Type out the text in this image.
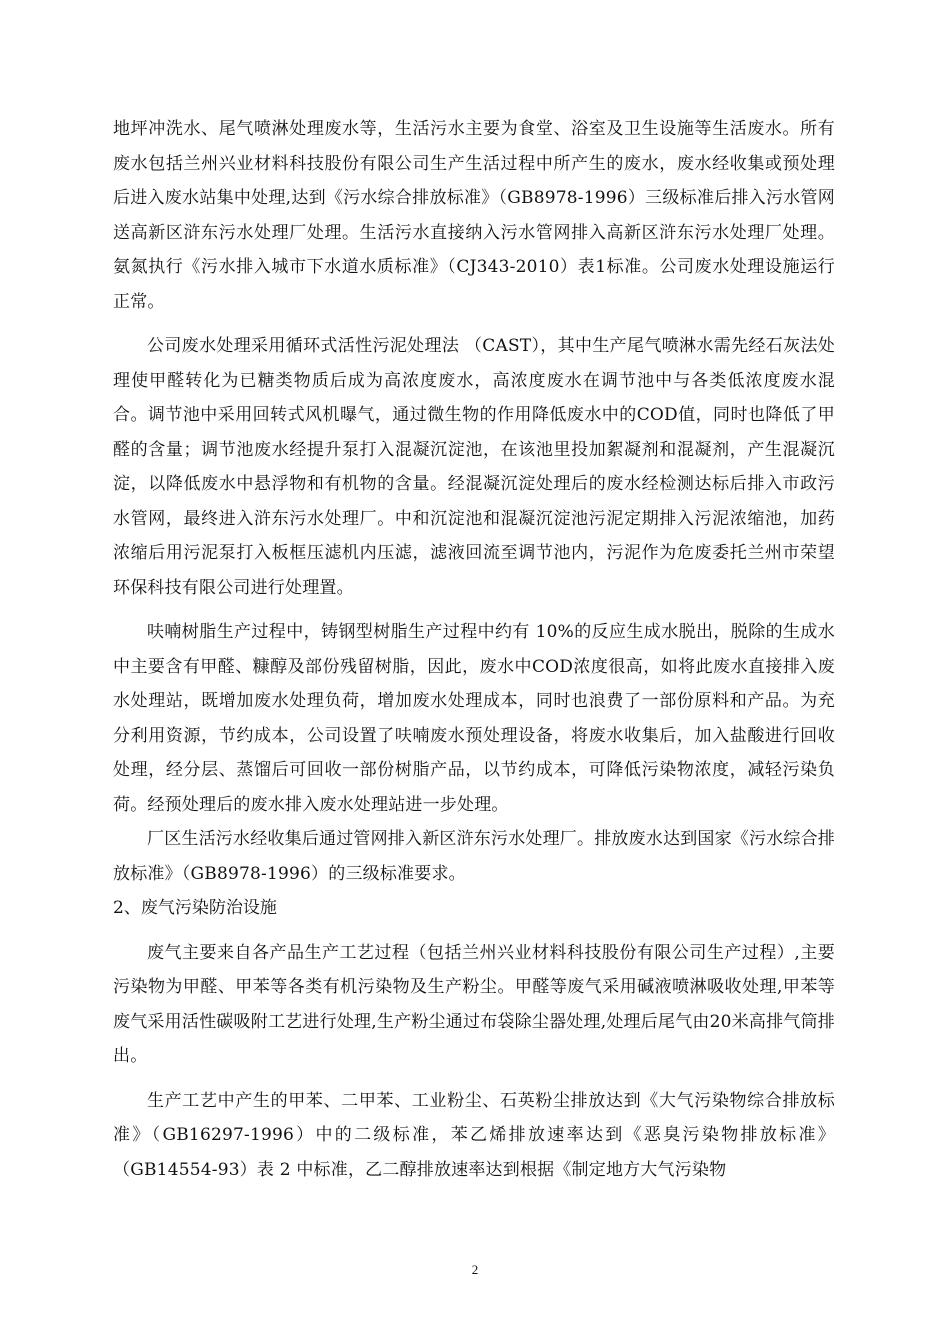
地坪冲洗水、尾气喷淋处理废水等，生活污水主要为食堂、浴室及卫生设施等生活废水。所有废水包括兰州兴业材料科技股份有限公司生产生活过程中所产生的废水，废水经收集或预处理后进入废水站集中处理,达到《污水综合排放标准》（GB8978-1996）三级标准后排入污水管网送高新区浒东污水处理厂处理。生活污水直接纳入污水管网排入高新区浒东污水处理厂处理。氨氮执行《污水排入城市下水道水质标准》（CJ343-2010）表1标准。公司废水处理设施运行正常。

公司废水处理采用循环式活性污泥处理法 （CAST），其中生产尾气喷淋水需先经石灰法处理使甲醛转化为已糖类物质后成为高浓度废水，高浓度废水在调节池中与各类低浓度废水混合。调节池中采用回转式风机曝气，通过微生物的作用降低废水中的COD值，同时也降低了甲醛的含量；调节池废水经提升泵打入混凝沉淀池，在该池里投加絮凝剂和混凝剂，产生混凝沉淀，以降低废水中悬浮物和有机物的含量。经混凝沉淀处理后的废水经检测达标后排入市政污水管网，最终进入浒东污水处理厂。中和沉淀池和混凝沉淀池污泥定期排入污泥浓缩池，加药浓缩后用污泥泵打入板框压滤机内压滤，滤液回流至调节池内，污泥作为危废委托兰州市荣望环保科技有限公司进行处理置。

呋喃树脂生产过程中，铸钢型树脂生产过程中约有 10%的反应生成水脱出，脱除的生成水中主要含有甲醛、糠醇及部份残留树脂，因此，废水中COD浓度很高，如将此废水直接排入废水处理站，既增加废水处理负荷，增加废水处理成本，同时也浪费了一部份原料和产品。为充分利用资源，节约成本，公司设置了呋喃废水预处理设备，将废水收集后，加入盐酸进行回收处理，经分层、蒸馏后可回收一部份树脂产品，以节约成本，可降低污染物浓度，减轻污染负荷。经预处理后的废水排入废水处理站进一步处理。

厂区生活污水经收集后通过管网排入新区浒东污水处理厂。排放废水达到国家《污水综合排放标准》（GB8978-1996）的三级标准要求。

2、废气污染防治设施

废气主要来自各产品生产工艺过程（包括兰州兴业材料科技股份有限公司生产过程）,主要污染物为甲醛、甲苯等各类有机污染物及生产粉尘。甲醛等废气采用碱液喷淋吸收处理,甲苯等废气采用活性碳吸附工艺进行处理,生产粉尘通过布袋除尘器处理,处理后尾气由20米高排气筒排出。

生产工艺中产生的甲苯、二甲苯、工业粉尘、石英粉尘排放达到《大气污染物综合排放标准》（GB16297-1996）中的二级标准，苯乙烯排放速率达到《恶臭污染物排放标准》（GB14554-93）表 2 中标准，乙二醇排放速率达到根据《制定地方大气污染物

2
